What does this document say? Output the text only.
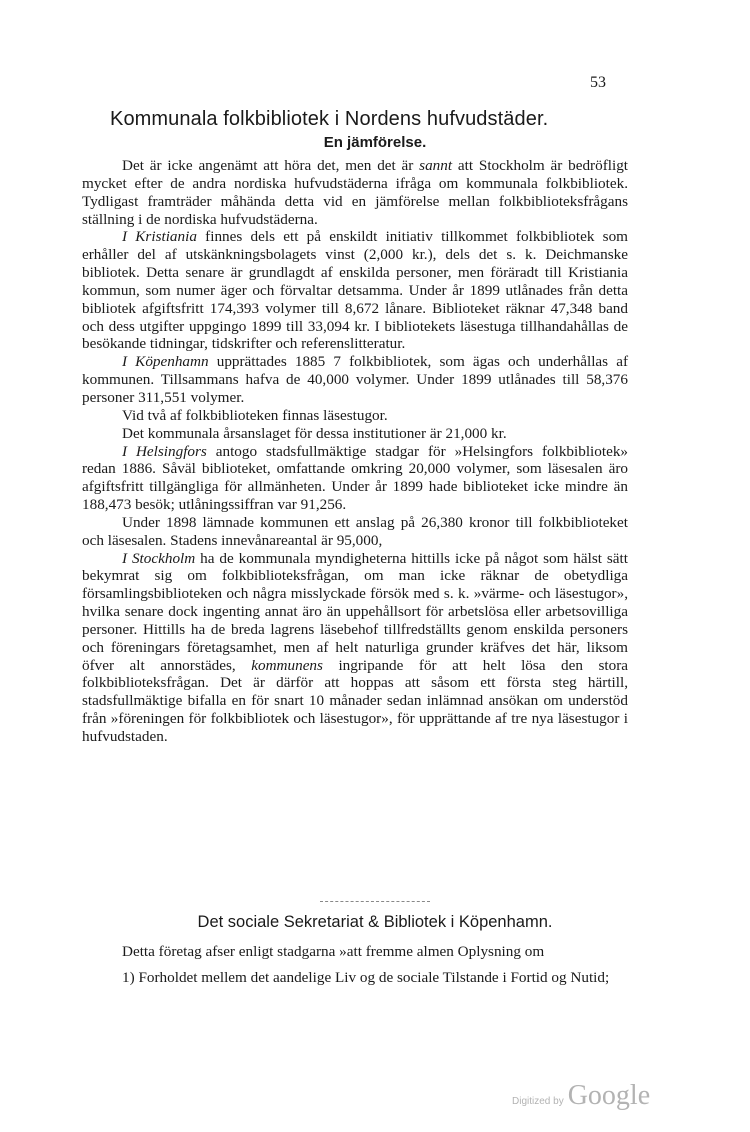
53
Kommunala folkbibliotek i Nordens hufvudstäder.
En jämförelse.

Det är icke angenämt att höra det, men det är sannt att Stockholm är bedröfligt mycket efter de andra nordiska hufvudstäderna ifråga om kommunala folkbibliotek. Tydligast framträder måhända detta vid en jämförelse mellan folkbiblioteksfrågans ställning i de nordiska hufvudstäderna.

I Kristiania finnes dels ett på enskildt initiativ tillkommet folkbibliotek som erhåller del af utskänkningsbolagets vinst (2,000 kr.), dels det s. k. Deichmanske bibliotek. Detta senare är grundlagdt af enskilda personer, men föräradt till Kristiania kommun, som numer äger och förvaltar detsamma. Under år 1899 utlånades från detta bibliotek afgiftsfritt 174,393 volymer till 8,672 lånare. Biblioteket räknar 47,348 band och dess utgifter uppgingo 1899 till 33,094 kr. I bibliotekets läsestuga tillhandahållas de besökande tidningar, tidskrifter och referenslitteratur.

I Köpenhamn upprättades 1885 7 folkbibliotek, som ägas och underhållas af kommunen. Tillsammans hafva de 40,000 volymer. Under 1899 utlånades till 58,376 personer 311,551 volymer.

Vid två af folkbiblioteken finnas läsestugor.

Det kommunala årsanslaget för dessa institutioner är 21,000 kr.

I Helsingfors antogo stadsfullmäktige stadgar för »Helsingfors folkbibliotek» redan 1886. Såväl biblioteket, omfattande omkring 20,000 volymer, som läsesalen äro afgiftsfritt tillgängliga för allmänheten. Under år 1899 hade biblioteket icke mindre än 188,473 besök; utlåningssiffran var 91,256.

Under 1898 lämnade kommunen ett anslag på 26,380 kronor till folkbiblioteket och läsesalen. Stadens innevånareantal är 95,000,

I Stockholm ha de kommunala myndigheterna hittills icke på något som hälst sätt bekymrat sig om folkbiblioteksfrågan, om man icke räknar de obetydliga församlingsbiblioteken och några misslyckade försök med s. k. »värme- och läsestugor», hvilka senare dock ingenting annat äro än uppehållsort för arbetslösa eller arbetsovilliga personer. Hittills ha de breda lagrens läsebehof tillfredställts genom enskilda personers och föreningars företagsamhet, men af helt naturliga grunder kräfves det här, liksom öfver alt annorstädes, kommunens ingripande för att helt lösa den stora folkbiblioteksfrågan. Det är därför att hoppas att såsom ett första steg härtill, stadsfullmäktige bifalla en för snart 10 månader sedan inlämnad ansökan om understöd från »föreningen för folkbibliotek och läsestugor», för upprättande af tre nya läsestugor i hufvudstaden.

Det sociale Sekretariat & Bibliotek i Köpenhamn.

Detta företag afser enligt stadgarna »att fremme almen Oplysning om

1) Forholdet mellem det aandelige Liv og de sociale Tilstande i Fortid og Nutid;

Digitized by Google
